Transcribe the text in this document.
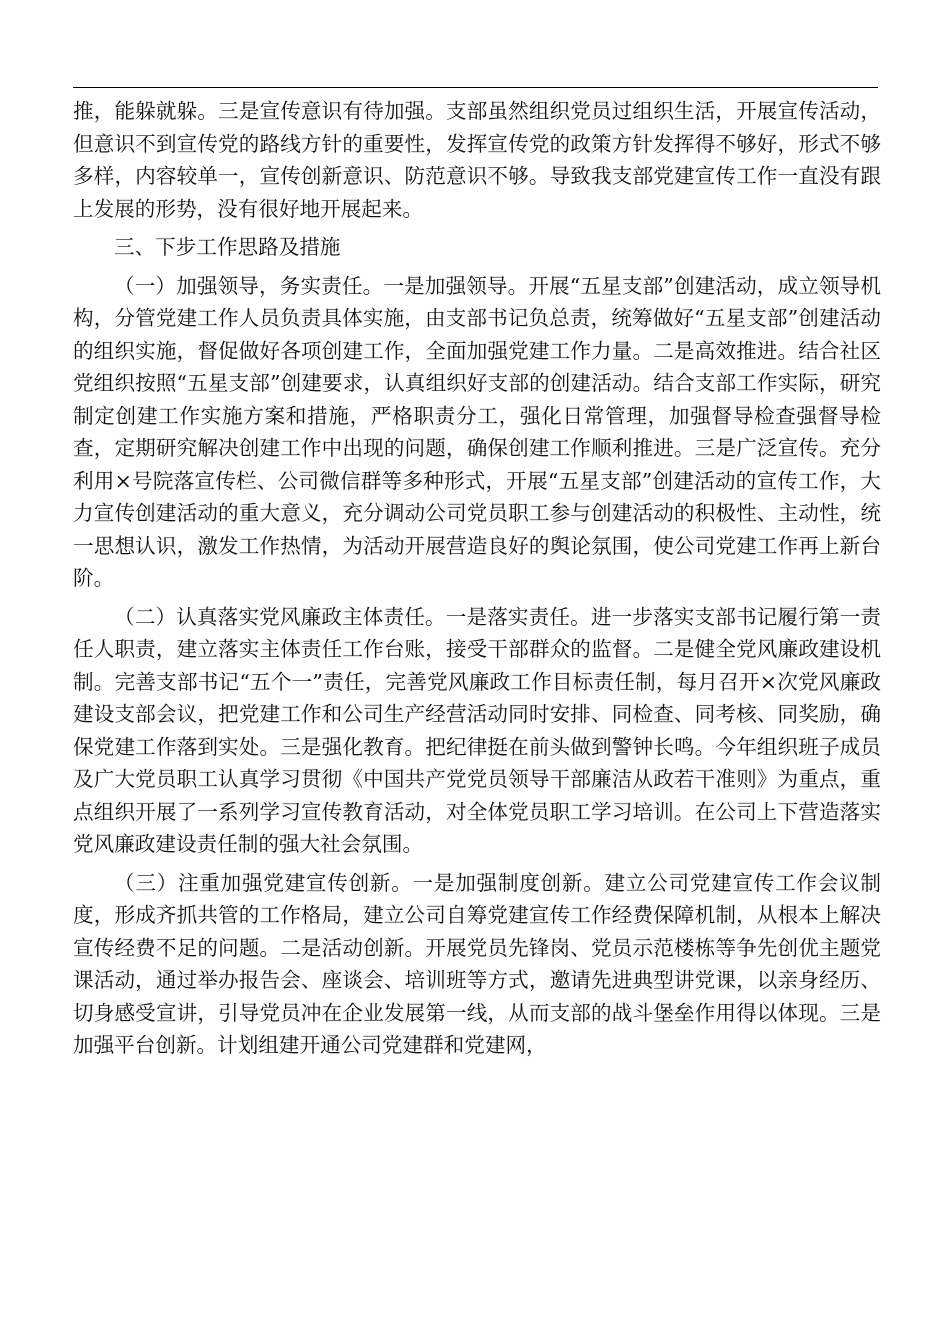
推，能躲就躲。三是宣传意识有待加强。支部虽然组织党员过组织生活，开展宣传活动，但意识不到宣传党的路线方针的重要性，发挥宣传党的政策方针发挥得不够好，形式不够多样，内容较单一，宣传创新意识、防范意识不够。导致我支部党建宣传工作一直没有跟上发展的形势，没有很好地开展起来。

三、下步工作思路及措施

（一）加强领导，务实责任。一是加强领导。开展“五星支部”创建活动，成立领导机构，分管党建工作人员负责具体实施，由支部书记负总责，统筹做好“五星支部”创建活动的组织实施，督促做好各项创建工作，全面加强党建工作力量。二是高效推进。结合社区党组织按照“五星支部”创建要求，认真组织好支部的创建活动。结合支部工作实际，研究制定创建工作实施方案和措施，严格职责分工，强化日常管理，加强督导检查强督导检查，定期研究解决创建工作中出现的问题，确保创建工作顺利推进。三是广泛宣传。充分利用×号院落宣传栏、公司微信群等多种形式，开展“五星支部”创建活动的宣传工作，大力宣传创建活动的重大意义，充分调动公司党员职工参与创建活动的积极性、主动性，统一思想认识，激发工作热情，为活动开展营造良好的舆论氛围，使公司党建工作再上新台阶。

（二）认真落实党风廉政主体责任。一是落实责任。进一步落实支部书记履行第一责任人职责，建立落实主体责任工作台账，接受干部群众的监督。二是健全党风廉政建设机制。完善支部书记“五个一”责任，完善党风廉政工作目标责任制，每月召开×次党风廉政建设支部会议，把党建工作和公司生产经营活动同时安排、同检查、同考核、同奖励，确保党建工作落到实处。三是强化教育。把纪律挺在前头做到警钟长鸣。今年组织班子成员及广大党员职工认真学习贯彻《中国共产党党员领导干部廉洁从政若干准则》为重点，重点组织开展了一系列学习宣传教育活动，对全体党员职工学习培训。在公司上下营造落实党风廉政建设责任制的强大社会氛围。

（三）注重加强党建宣传创新。一是加强制度创新。建立公司党建宣传工作会议制度，形成齐抓共管的工作格局，建立公司自筹党建宣传工作经费保障机制，从根本上解决宣传经费不足的问题。二是活动创新。开展党员先锋岗、党员示范楼栋等争先创优主题党课活动，通过举办报告会、座谈会、培训班等方式，邀请先进典型讲党课，以亲身经历、切身感受宣讲，引导党员冲在企业发展第一线，从而支部的战斗堡垒作用得以体现。三是加强平台创新。计划组建开通公司党建群和党建网，
